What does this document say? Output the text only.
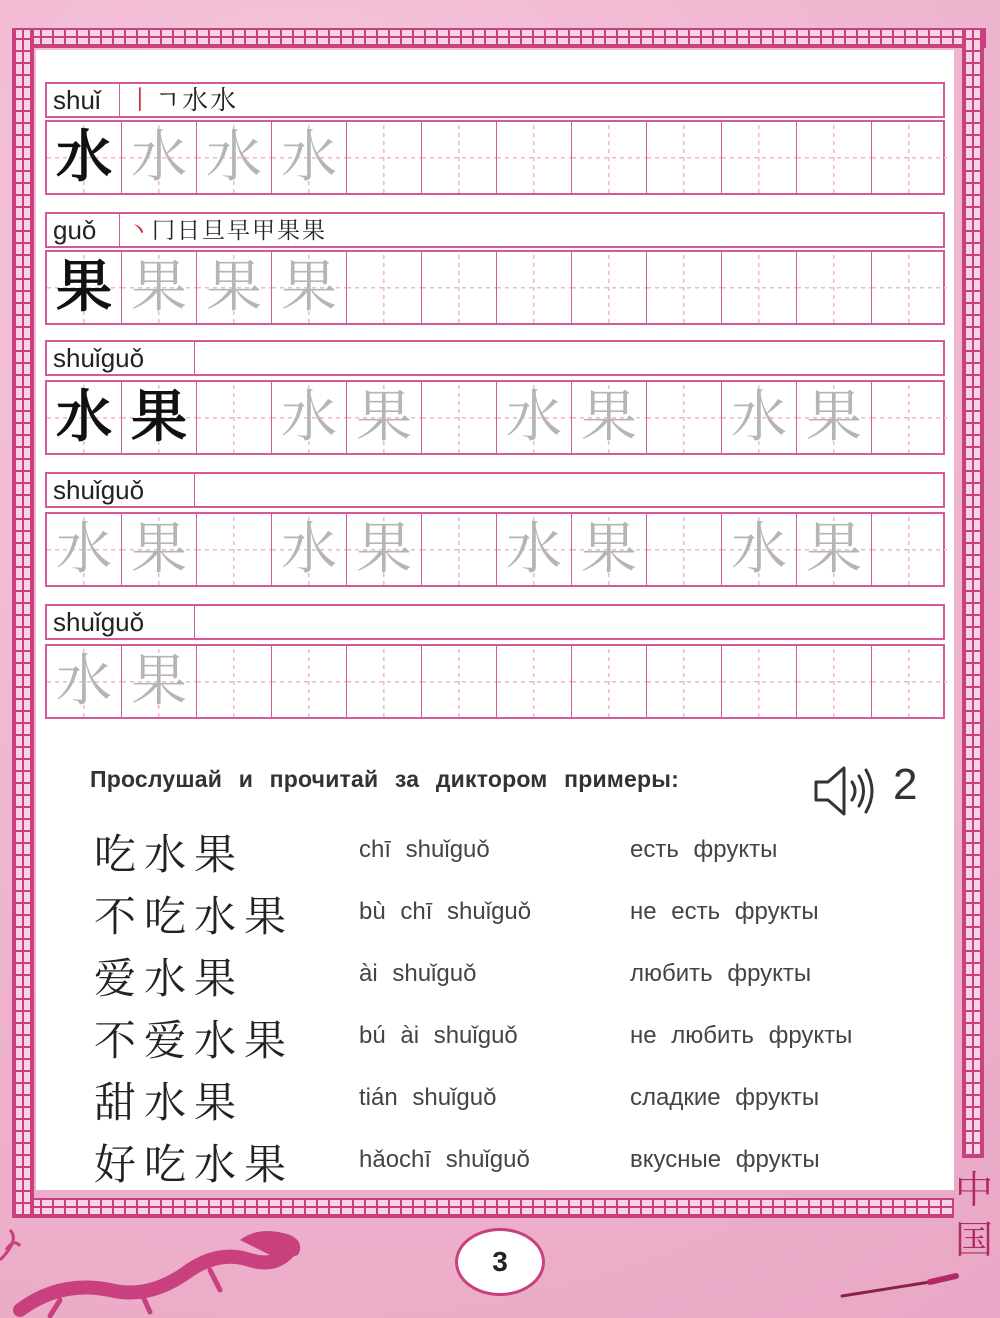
shuǐ	丨ㄱ水水
水 水 水 水
guǒ	丶冂日旦早甲果果
果 果 果 果
shuǐguǒ
水 果 水 果 水 果 水 果
shuǐguǒ
水 果 水 果 水 果 水 果
shuǐguǒ
水 果
Прослушай и прочитай за диктором примеры:	2
吃水果	chī shuǐguǒ	есть фрукты
不吃水果	bù chī shuǐguǒ	не есть фрукты
爱水果	ài shuǐguǒ	любить фрукты
不爱水果	bú ài shuǐguǒ	не любить фрукты
甜水果	tián shuǐguǒ	сладкие фрукты
好吃水果	hǎochī shuǐguǒ	вкусные фрукты
3
中国
